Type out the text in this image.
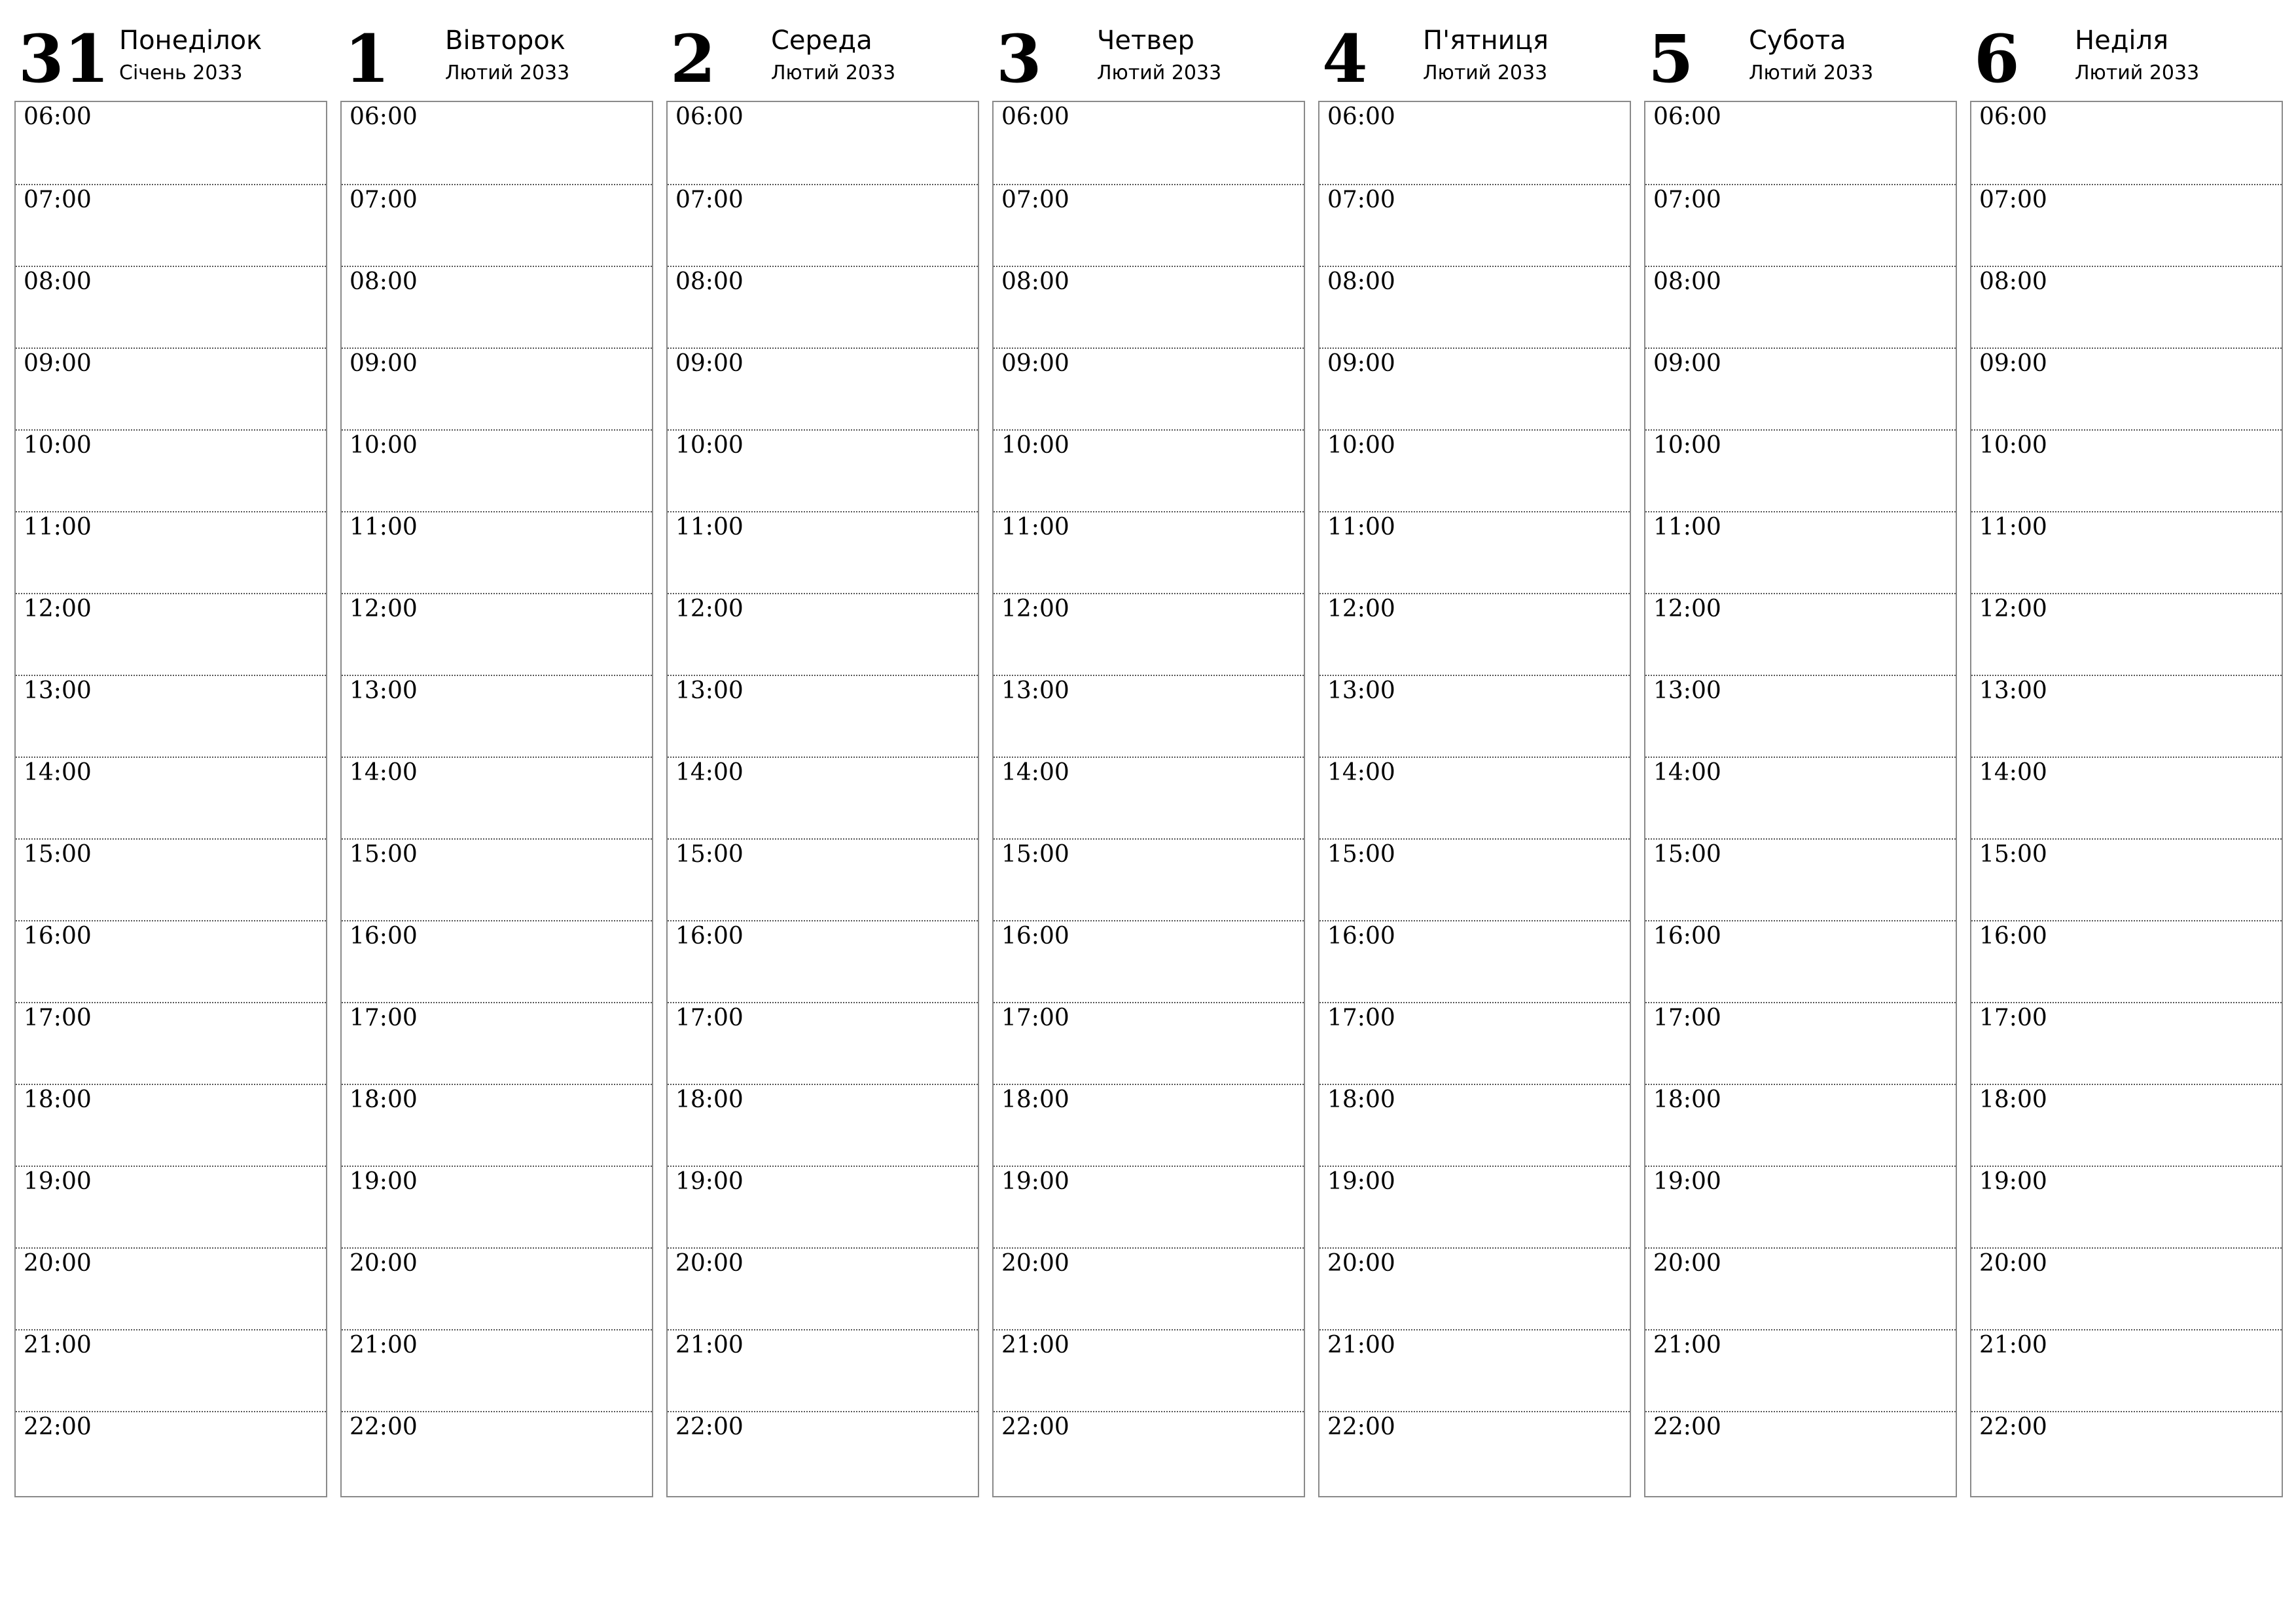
31 Понеділок
Січень 2033
06:00
07:00
08:00
09:00
10:00
11:00
12:00
13:00
14:00
15:00
16:00
17:00
18:00
19:00
20:00
21:00
22:00
1 Вівторок
Лютий 2033
06:00
07:00
08:00
09:00
10:00
11:00
12:00
13:00
14:00
15:00
16:00
17:00
18:00
19:00
20:00
21:00
22:00
2 Середа
Лютий 2033
06:00
07:00
08:00
09:00
10:00
11:00
12:00
13:00
14:00
15:00
16:00
17:00
18:00
19:00
20:00
21:00
22:00
3 Четвер
Лютий 2033
06:00
07:00
08:00
09:00
10:00
11:00
12:00
13:00
14:00
15:00
16:00
17:00
18:00
19:00
20:00
21:00
22:00
4 П'ятниця
Лютий 2033
06:00
07:00
08:00
09:00
10:00
11:00
12:00
13:00
14:00
15:00
16:00
17:00
18:00
19:00
20:00
21:00
22:00
5 Субота
Лютий 2033
06:00
07:00
08:00
09:00
10:00
11:00
12:00
13:00
14:00
15:00
16:00
17:00
18:00
19:00
20:00
21:00
22:00
6 Неділя
Лютий 2033
06:00
07:00
08:00
09:00
10:00
11:00
12:00
13:00
14:00
15:00
16:00
17:00
18:00
19:00
20:00
21:00
22:00
